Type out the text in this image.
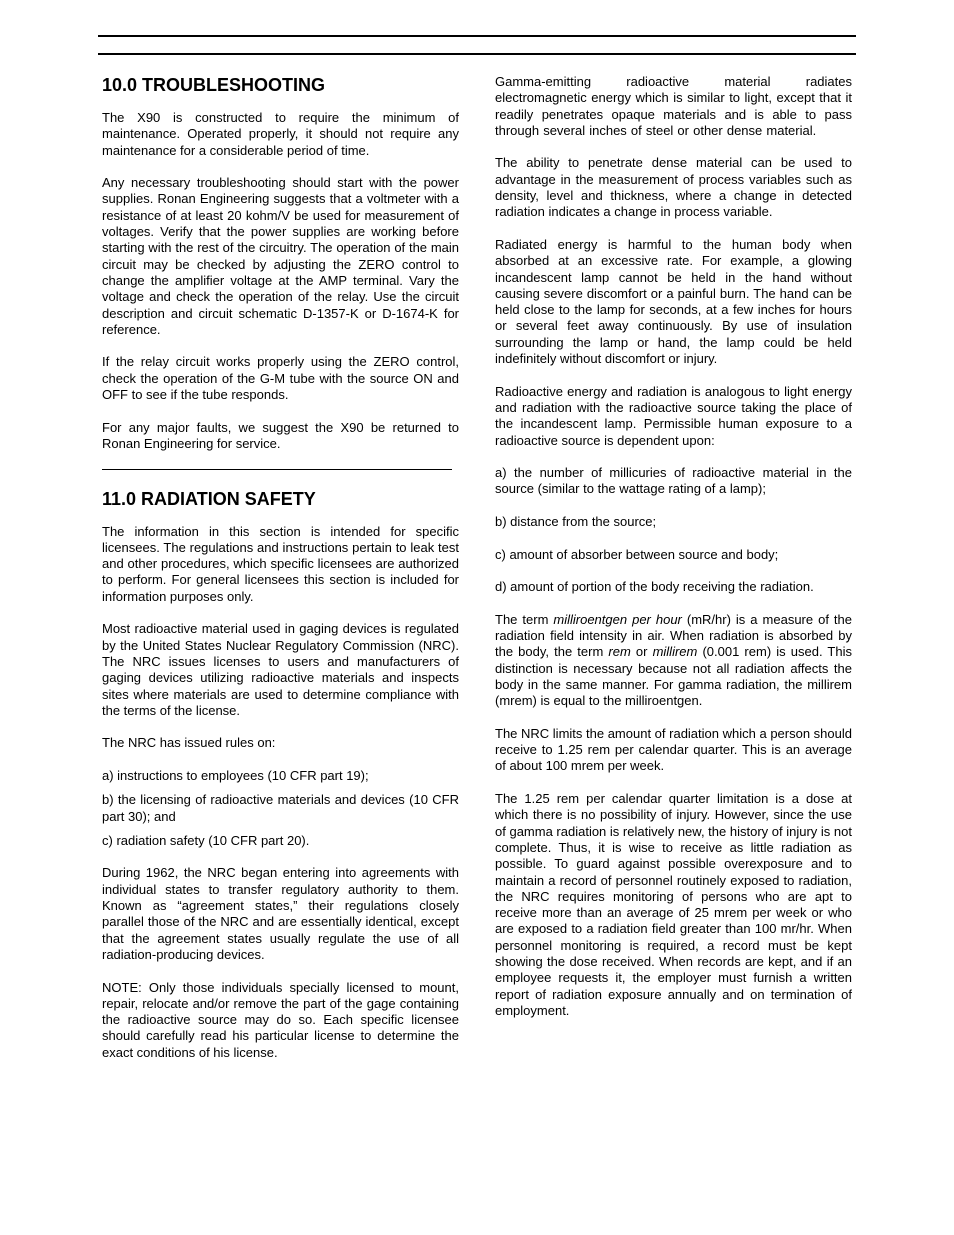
10.0 TROUBLESHOOTING

The X90 is constructed to require the minimum of maintenance. Operated properly, it should not require any maintenance for a considerable period of time.

Any necessary troubleshooting should start with the power supplies. Ronan Engineering suggests that a voltmeter with a resistance of at least 20 kohm/V be used for measurement of voltages. Verify that the power supplies are working before starting with the rest of the circuitry. The operation of the main circuit may be checked by adjusting the ZERO control to change the amplifier voltage at the AMP terminal. Vary the voltage and check the operation of the relay. Use the circuit description and circuit schematic D-1357-K or D-1674-K for reference.

If the relay circuit works properly using the ZERO control, check the operation of the G-M tube with the source ON and OFF to see if the tube responds.

For any major faults, we suggest the X90 be returned to Ronan Engineering for service.

11.0 RADIATION SAFETY

The information in this section is intended for specific licensees. The regulations and instructions pertain to leak test and other procedures, which specific licensees are authorized to perform. For general licensees this section is included for information purposes only.

Most radioactive material used in gaging devices is regulated by the United States Nuclear Regulatory Commission (NRC). The NRC issues licenses to users and manufacturers of gaging devices utilizing radioactive materials and inspects sites where materials are used to determine compliance with the terms of the license.

The NRC has issued rules on:

a) instructions to employees (10 CFR part 19);
b) the licensing of radioactive materials and devices (10 CFR part 30); and
c) radiation safety (10 CFR part 20).

During 1962, the NRC began entering into agreements with individual states to transfer regulatory authority to them. Known as “agreement states,” their regulations closely parallel those of the NRC and are essentially identical, except that the agreement states usually regulate the use of all radiation-producing devices.

NOTE: Only those individuals specially licensed to mount, repair, relocate and/or remove the part of the gage containing the radioactive source may do so. Each specific licensee should carefully read his particular license to determine the exact conditions of his license.

Gamma-emitting radioactive material radiates electromagnetic energy which is similar to light, except that it readily penetrates opaque materials and is able to pass through several inches of steel or other dense material.

The ability to penetrate dense material can be used to advantage in the measurement of process variables such as density, level and thickness, where a change in detected radiation indicates a change in process variable.

Radiated energy is harmful to the human body when absorbed at an excessive rate. For example, a glowing incandescent lamp cannot be held in the hand without causing severe discomfort or a painful burn. The hand can be held close to the lamp for seconds, at a few inches for hours or several feet away continuously. By use of insulation surrounding the lamp or hand, the lamp could be held indefinitely without discomfort or injury.

Radioactive energy and radiation is analogous to light energy and radiation with the radioactive source taking the place of the incandescent lamp. Permissible human exposure to a radioactive source is dependent upon:

a) the number of millicuries of radioactive material in the source (similar to the wattage rating of a lamp);
b) distance from the source;
c) amount of absorber between source and body;
d) amount of portion of the body receiving the radiation.

The term milliroentgen per hour (mR/hr) is a measure of the radiation field intensity in air. When radiation is absorbed by the body, the term rem or millirem (0.001 rem) is used. This distinction is necessary because not all radiation affects the body in the same manner. For gamma radiation, the millirem (mrem) is equal to the milliroentgen.

The NRC limits the amount of radiation which a person should receive to 1.25 rem per calendar quarter. This is an average of about 100 mrem per week.

The 1.25 rem per calendar quarter limitation is a dose at which there is no possibility of injury. However, since the use of gamma radiation is relatively new, the history of injury is not complete. Thus, it is wise to receive as little radiation as possible. To guard against possible overexposure and to maintain a record of personnel routinely exposed to radiation, the NRC requires monitoring of persons who are apt to receive more than an average of 25 mrem per week or who are exposed to a radiation field greater than 100 mr/hr. When personnel monitoring is required, a record must be kept showing the dose received. When records are kept, and if an employee requests it, the employer must furnish a written report of radiation exposure annually and on termination of employment.
